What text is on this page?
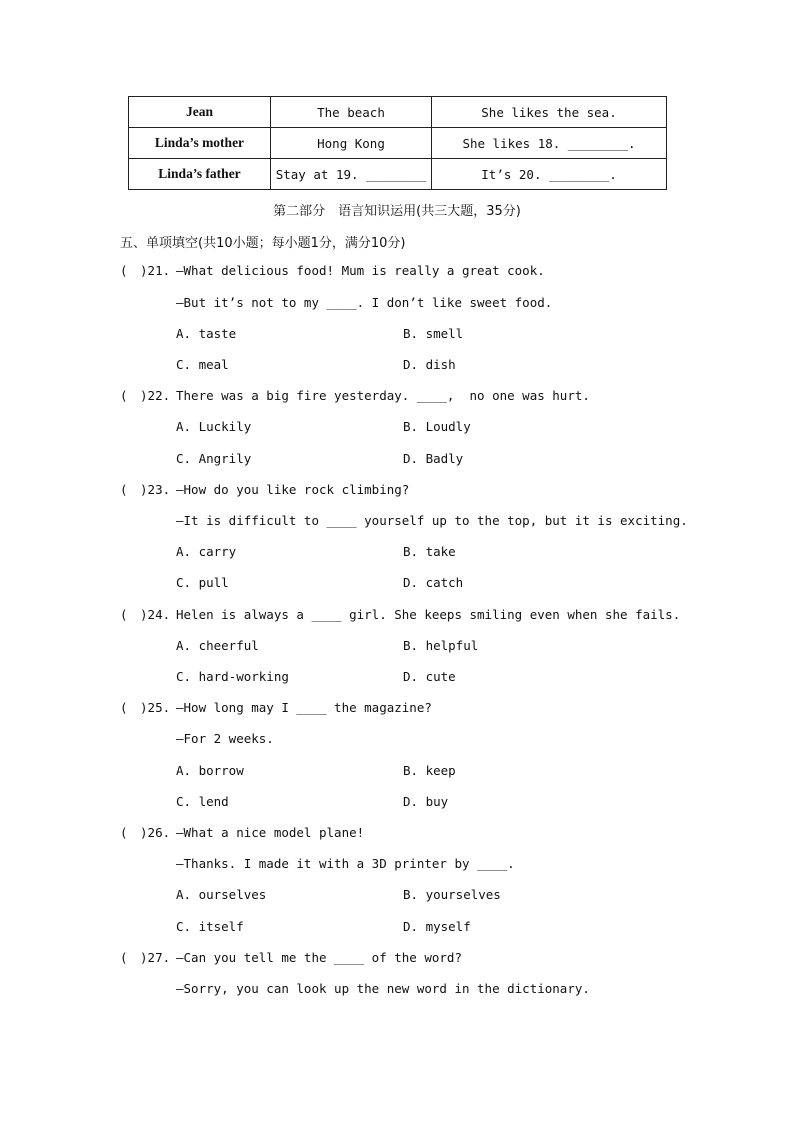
Jean	The beach	She likes the sea.
Linda’s mother	Hong Kong	She likes 18. ________.
Linda’s father	Stay at 19. ________	It’s 20. ________.
第二部分　语言知识运用(共三大题，35分)
五、单项填空(共10小题；每小题1分，满分10分)
(　)21. —What delicious food! Mum is really a great cook.
—But it’s not to my ____. I don’t like sweet food.
A. taste	B. smell
C. meal	D. dish
(　)22. There was a big fire yesterday. ____,  no one was hurt.
A. Luckily	B. Loudly
C. Angrily	D. Badly
(　)23. —How do you like rock climbing?
—It is difficult to ____ yourself up to the top, but it is exciting.
A. carry	B. take
C. pull	D. catch
(　)24. Helen is always a ____ girl. She keeps smiling even when she fails.
A. cheerful	B. helpful
C. hard-working	D. cute
(　)25. —How long may I ____ the magazine?
—For 2 weeks.
A. borrow	B. keep
C. lend	D. buy
(　)26. —What a nice model plane!
—Thanks. I made it with a 3D printer by ____.
A. ourselves	B. yourselves
C. itself	D. myself
(　)27. —Can you tell me the ____ of the word?
—Sorry, you can look up the new word in the dictionary.
